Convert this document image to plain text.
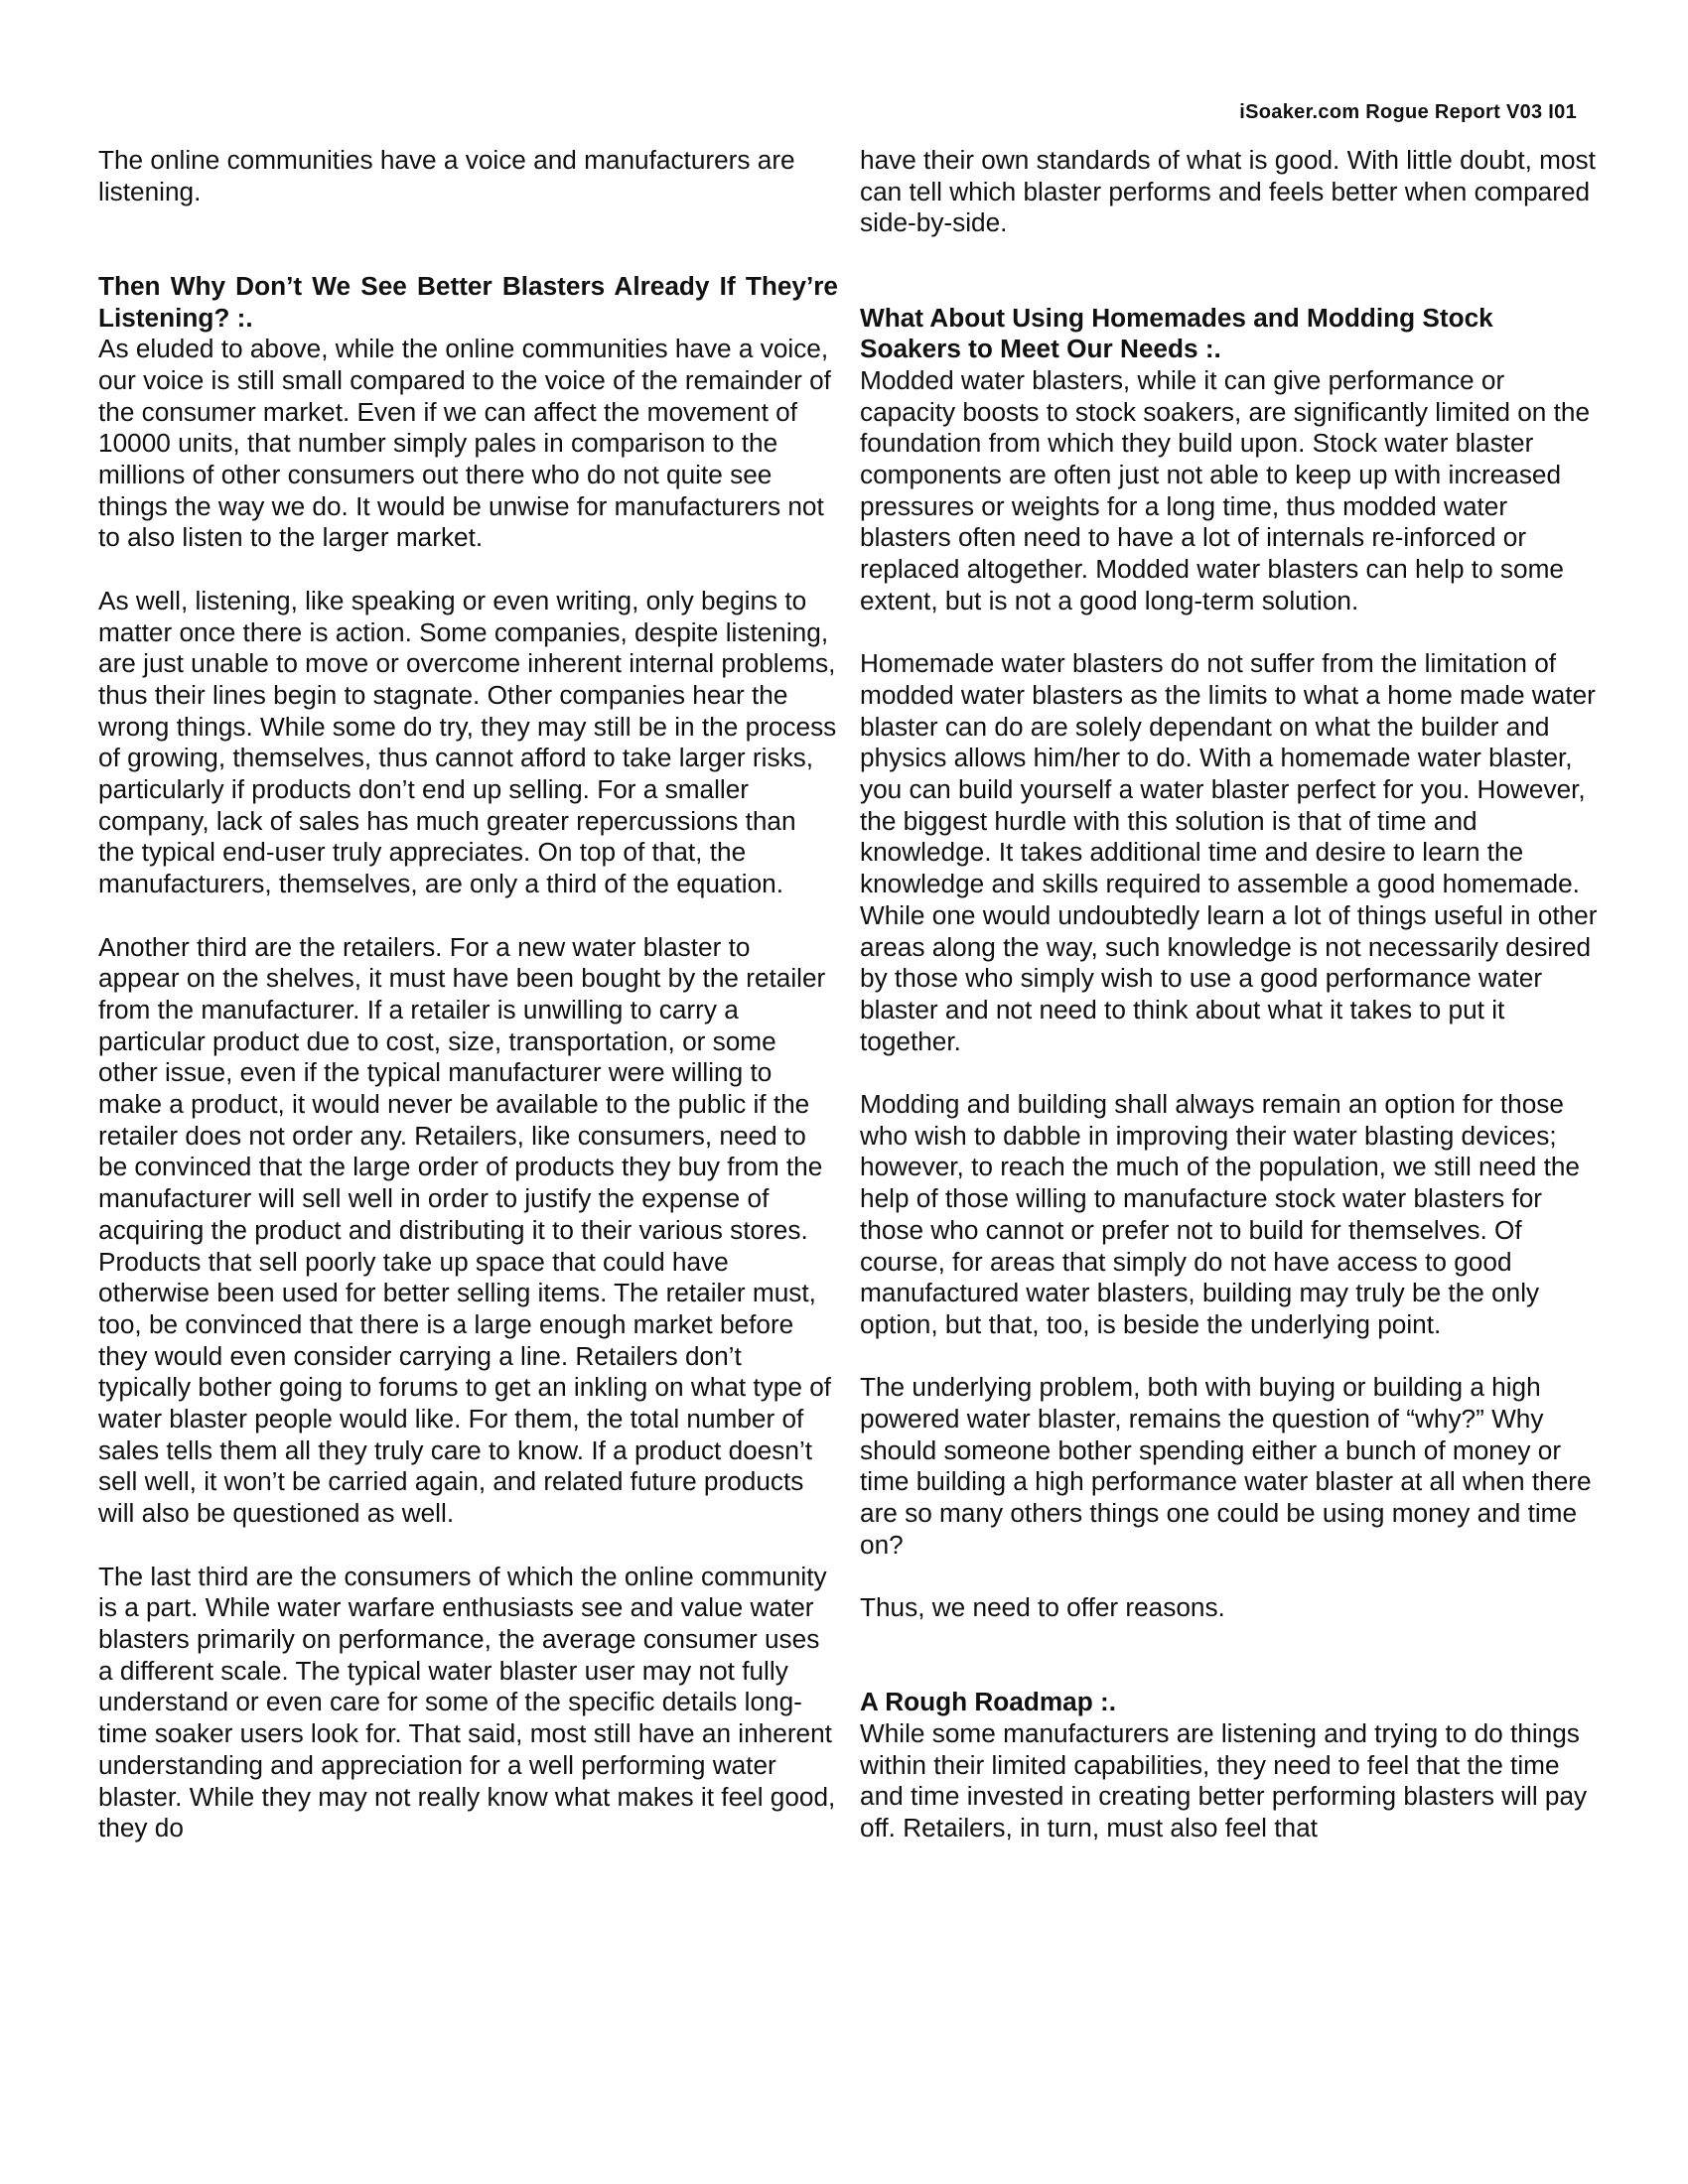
iSoaker.com Rogue Report V03 I01

The online communities have a voice and manufacturers are listening.

Then Why Don’t We See Better Blasters Already If They’re Listening? :.

As eluded to above, while the online communities have a voice, our voice is still small compared to the voice of the remainder of the consumer market. Even if we can affect the movement of 10000 units, that number simply pales in comparison to the millions of other consumers out there who do not quite see things the way we do. It would be unwise for manufacturers not to also listen to the larger market.

As well, listening, like speaking or even writing, only begins to matter once there is action. Some companies, despite listening, are just unable to move or overcome inherent internal problems, thus their lines begin to stagnate. Other companies hear the wrong things. While some do try, they may still be in the process of growing, themselves, thus cannot afford to take larger risks, particularly if products don’t end up selling. For a smaller company, lack of sales has much greater repercussions than the typical end-user truly appreciates. On top of that, the manufacturers, themselves, are only a third of the equation.

Another third are the retailers. For a new water blaster to appear on the shelves, it must have been bought by the retailer from the manufacturer. If a retailer is unwilling to carry a particular product due to cost, size, transportation, or some other issue, even if the typical manufacturer were willing to make a product, it would never be available to the public if the retailer does not order any. Retailers, like consumers, need to be convinced that the large order of products they buy from the manufacturer will sell well in order to justify the expense of acquiring the product and distributing it to their various stores. Products that sell poorly take up space that could have otherwise been used for better selling items. The retailer must, too, be convinced that there is a large enough market before they would even consider carrying a line. Retailers don’t typically bother going to forums to get an inkling on what type of water blaster people would like. For them, the total number of sales tells them all they truly care to know. If a product doesn’t sell well, it won’t be carried again, and related future products will also be questioned as well.

The last third are the consumers of which the online community is a part. While water warfare enthusiasts see and value water blasters primarily on performance, the average consumer uses a different scale. The typical water blaster user may not fully understand or even care for some of the specific details long-time soaker users look for. That said, most still have an inherent understanding and appreciation for a well performing water blaster. While they may not really know what makes it feel good, they do

have their own standards of what is good. With little doubt, most can tell which blaster performs and feels better when compared side-by-side.

What About Using Homemades and Modding Stock Soakers to Meet Our Needs :.

Modded water blasters, while it can give performance or capacity boosts to stock soakers, are significantly limited on the foundation from which they build upon. Stock water blaster components are often just not able to keep up with increased pressures or weights for a long time, thus modded water blasters often need to have a lot of internals re-inforced or replaced altogether. Modded water blasters can help to some extent, but is not a good long-term solution.

Homemade water blasters do not suffer from the limitation of modded water blasters as the limits to what a home made water blaster can do are solely dependant on what the builder and physics allows him/her to do. With a homemade water blaster, you can build yourself a water blaster perfect for you. However, the biggest hurdle with this solution is that of time and knowledge. It takes additional time and desire to learn the knowledge and skills required to assemble a good homemade. While one would undoubtedly learn a lot of things useful in other areas along the way, such knowledge is not necessarily desired by those who simply wish to use a good performance water blaster and not need to think about what it takes to put it together.

Modding and building shall always remain an option for those who wish to dabble in improving their water blasting devices; however, to reach the much of the population, we still need the help of those willing to manufacture stock water blasters for those who cannot or prefer not to build for themselves. Of course, for areas that simply do not have access to good manufactured water blasters, building may truly be the only option, but that, too, is beside the underlying point.

The underlying problem, both with buying or building a high powered water blaster, remains the question of “why?” Why should someone bother spending either a bunch of money or time building a high performance water blaster at all when there are so many others things one could be using money and time on?

Thus, we need to offer reasons.

A Rough Roadmap :.

While some manufacturers are listening and trying to do things within their limited capabilities, they need to feel that the time and time invested in creating better performing blasters will pay off. Retailers, in turn, must also feel that
